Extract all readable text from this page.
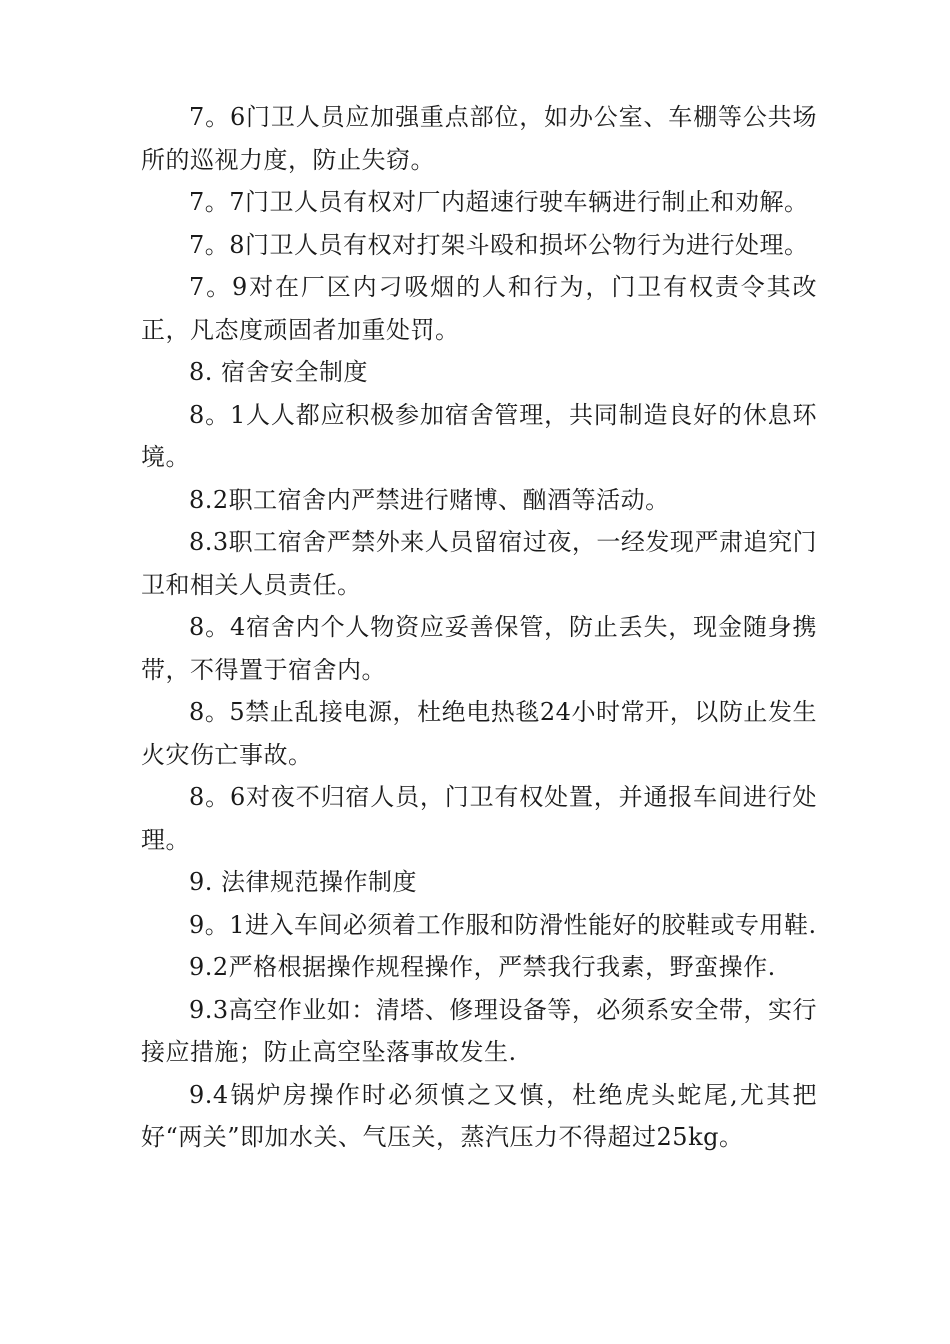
7。6门卫人员应加强重点部位，如办公室、车棚等公共场所的巡视力度，防止失窃。

7。7门卫人员有权对厂内超速行驶车辆进行制止和劝解。

7。8门卫人员有权对打架斗殴和损坏公物行为进行处理。

7。9对在厂区内刁吸烟的人和行为，门卫有权责令其改正，凡态度顽固者加重处罚。

8. 宿舍安全制度

8。1人人都应积极参加宿舍管理，共同制造良好的休息环境。

8.2职工宿舍内严禁进行赌博、酗酒等活动。

8.3职工宿舍严禁外来人员留宿过夜，一经发现严肃追究门卫和相关人员责任。

8。4宿舍内个人物资应妥善保管，防止丢失，现金随身携带，不得置于宿舍内。

8。5禁止乱接电源，杜绝电热毯24小时常开，以防止发生火灾伤亡事故。

8。6对夜不归宿人员，门卫有权处置，并通报车间进行处理。

9. 法律规范操作制度

9。1进入车间必须着工作服和防滑性能好的胶鞋或专用鞋.

9.2严格根据操作规程操作，严禁我行我素，野蛮操作.

9.3高空作业如：清塔、修理设备等，必须系安全带，实行接应措施；防止高空坠落事故发生.

9.4锅炉房操作时必须慎之又慎，杜绝虎头蛇尾,尤其把好“两关”即加水关、气压关，蒸汽压力不得超过25kg。
